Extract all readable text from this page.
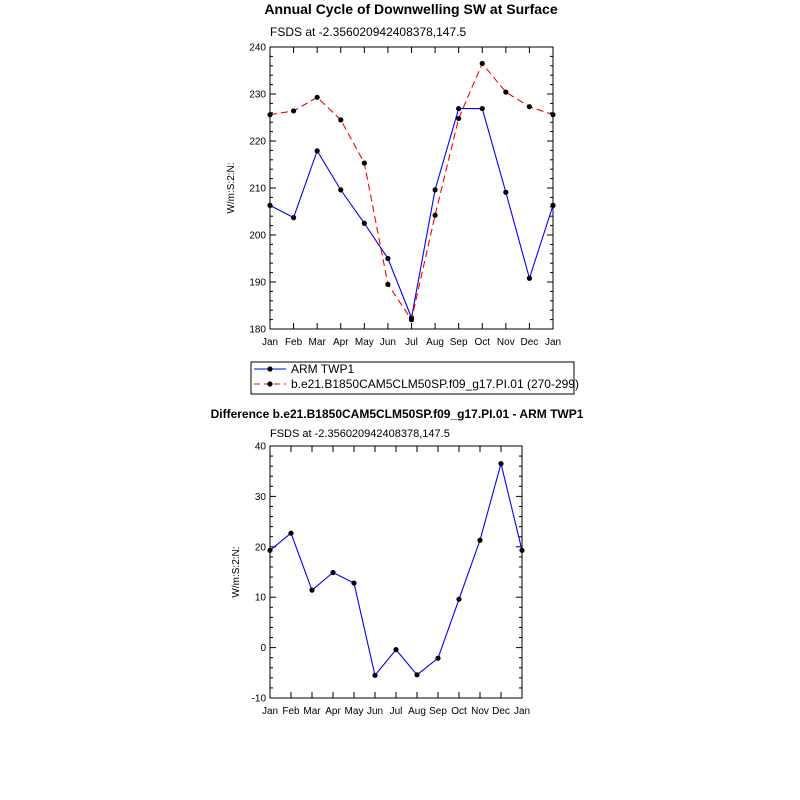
Annual Cycle of Downwelling SW at Surface
FSDS at -2.356020942408378,147.5
W/m:S:2:N:
Jan Feb Mar Apr May Jun Jul Aug Sep Oct Nov Dec Jan
180
190
200
210
220
230
240
ARM TWP1
b.e21.B1850CAM5CLM50SP.f09_g17.PI.01 (270-299)
Difference b.e21.B1850CAM5CLM50SP.f09_g17.PI.01 - ARM TWP1
FSDS at -2.356020942408378,147.5
W/m:S:2:N:
Jan Feb Mar Apr May Jun Jul Aug Sep Oct Nov Dec Jan
-10
0
10
20
30
40
